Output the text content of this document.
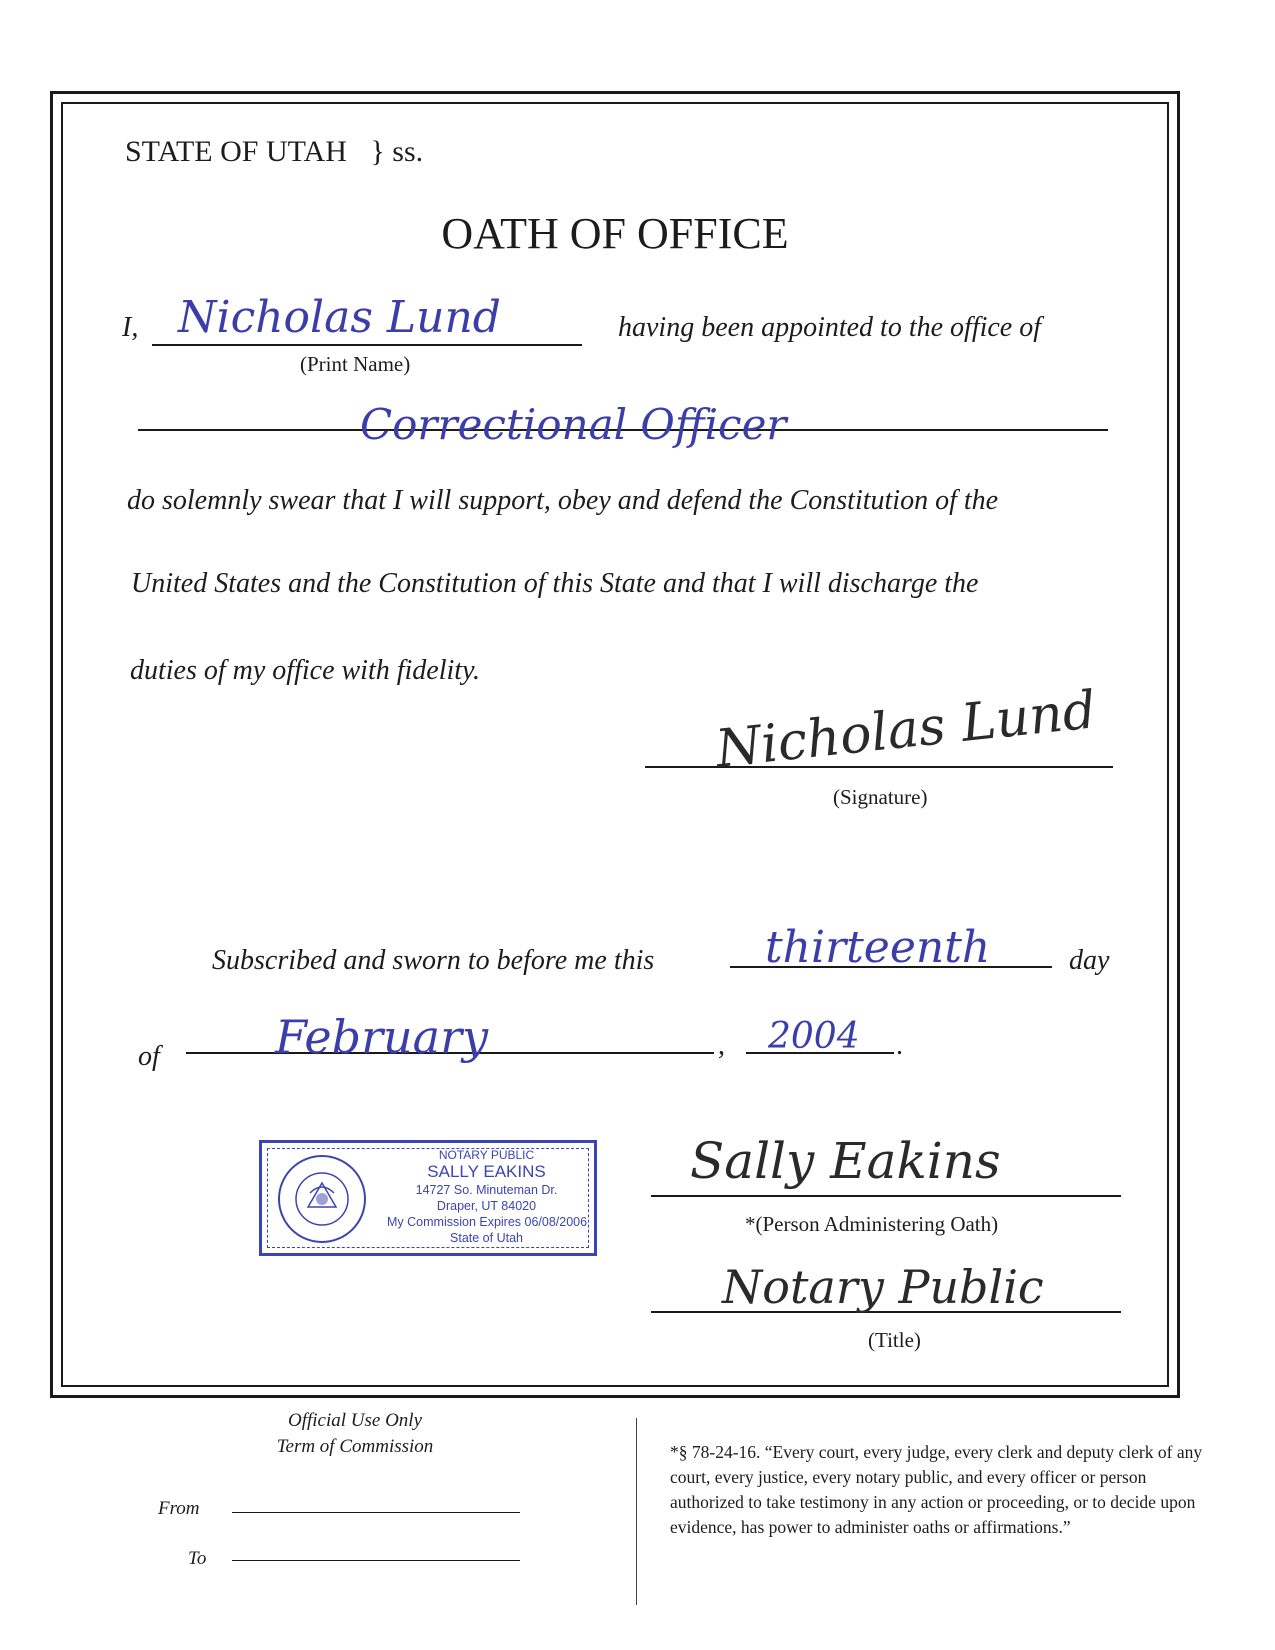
STATE OF UTAH } ss.
OATH OF OFFICE
I, Nicholas Lund
(Print Name)
having been appointed to the office of
Correctional Officer
do solemnly swear that I will support, obey and defend the Constitution of the
United States and the Constitution of this State and that I will discharge the
duties of my office with fidelity.
Nicholas Lund
(Signature)
Subscribed and sworn to before me this	thirteenth	day
of	February	, 2004 .
NOTARY PUBLIC
SALLY EAKINS
14727 So. Minuteman Dr.
Draper, UT 84020
My Commission Expires 06/08/2006
State of Utah
Sally Eakins
*(Person Administering Oath)
Notary Public
(Title)
Official Use Only
Term of Commission
From
To
*§ 78-24-16. “Every court, every judge, every clerk and deputy clerk of any court, every justice, every notary public, and every officer or person authorized to take testimony in any action or proceeding, or to decide upon evidence, has power to administer oaths or affirmations.”
